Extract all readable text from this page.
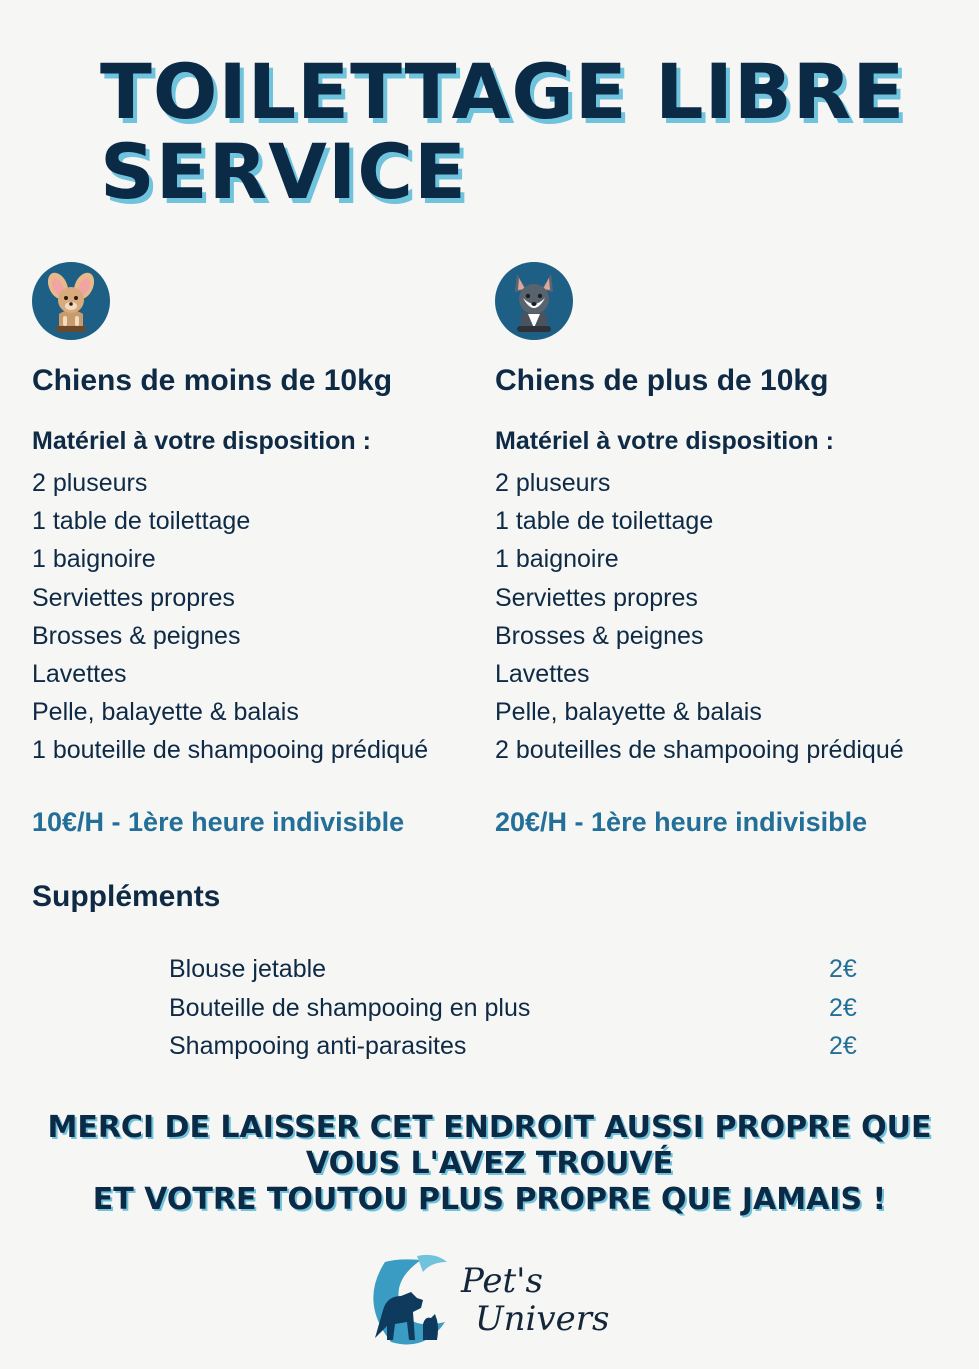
TOILETTAGE LIBRE
SERVICE
Chiens de moins de 10kg
Matériel à votre disposition :
2 pluseurs
1 table de toilettage
1 baignoire
Serviettes propres
Brosses & peignes
Lavettes
Pelle, balayette & balais
1 bouteille de shampooing prédiqué
10€/H - 1ère heure indivisible
Chiens de plus de 10kg
Matériel à votre disposition :
2 pluseurs
1 table de toilettage
1 baignoire
Serviettes propres
Brosses & peignes
Lavettes
Pelle, balayette & balais
2 bouteilles de shampooing prédiqué
20€/H - 1ère heure indivisible
Suppléments
Blouse jetable	2€
Bouteille de shampooing en plus	2€
Shampooing anti-parasites	2€

MERCI DE LAISSER CET ENDROIT AUSSI PROPRE QUE
VOUS L'AVEZ TROUVÉ
ET VOTRE TOUTOU PLUS PROPRE QUE JAMAIS !

Pet's
Univers
